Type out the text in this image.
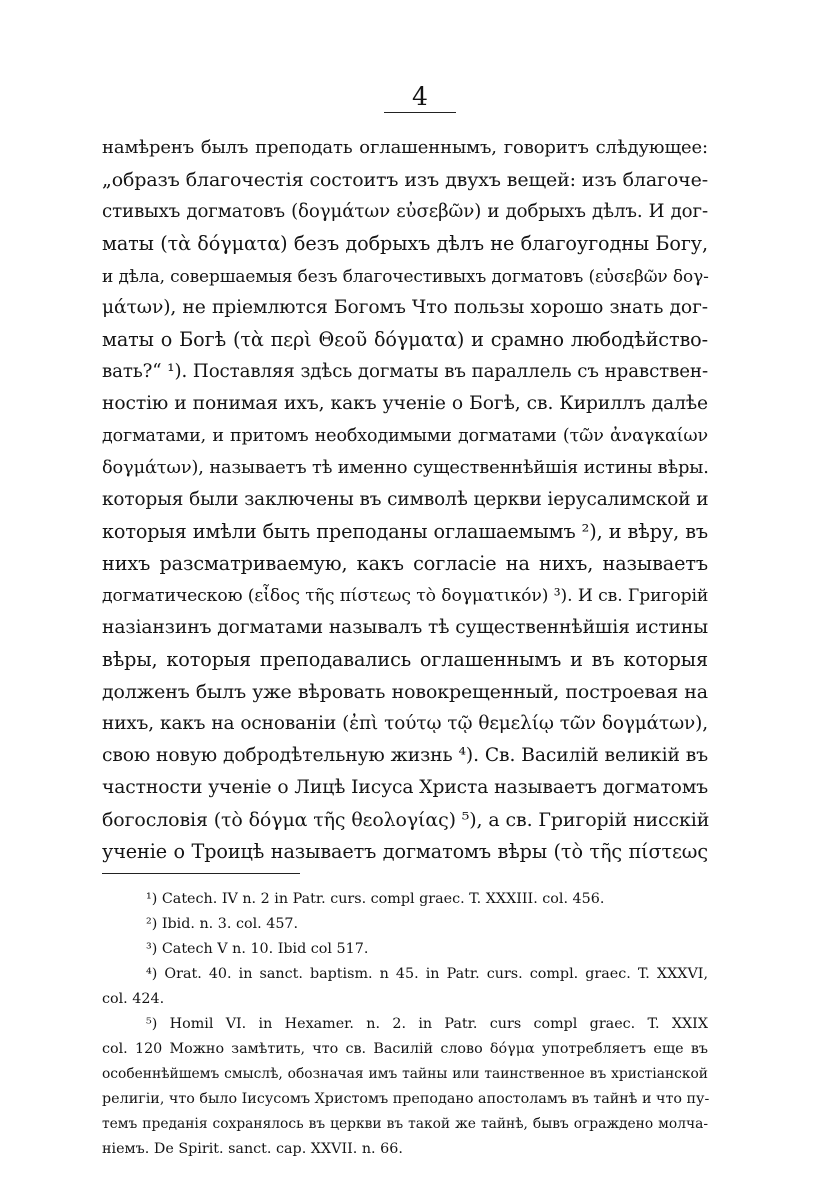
4
намѣренъ былъ преподать оглашеннымъ, говоритъ слѣдующее:
„образъ благочестія состоитъ изъ двухъ вещей: изъ благоче-
стивыхъ догматовъ (δογμάτων εὐσεβῶν) и добрыхъ дѣлъ. И дог-
маты (τὰ δόγματα) безъ добрыхъ дѣлъ не благоугодны Богу,
и дѣла, совершаемыя безъ благочестивыхъ догматовъ (εὐσεβῶν δογ-
μάτων), не пріемлются Богомъ Что пользы хорошо знать дог-
маты о Богѣ (τὰ περὶ Θεοῦ δόγματα) и срамно любодѣйство-
вать?“ ¹). Поставляя здѣсь догматы въ параллель съ нравствен-
ностію и понимая ихъ, какъ ученіе о Богѣ, св. Кириллъ далѣе
догматами, и притомъ необходимыми догматами (τῶν ἀναγκαίων
δογμάτων), называетъ тѣ именно существеннѣйшія истины вѣры.
которыя были заключены въ символѣ церкви іерусалимской и
которыя имѣли быть преподаны оглашаемымъ ²), и вѣру, въ
нихъ разсматриваемую, какъ согласіе на нихъ, называетъ
догматическою (εἶδος τῆς πίστεως τὸ δογματικόν) ³). И св. Григорій
назіанзинъ догматами называлъ тѣ существеннѣйшія истины
вѣры, которыя преподавались оглашеннымъ и въ которыя
долженъ былъ уже вѣровать новокрещенный, построевая на
нихъ, какъ на основаніи (ἐπὶ τούτῳ τῷ θεμελίῳ τῶν δογμάτων),
свою новую добродѣтельную жизнь ⁴). Св. Василій великій въ
частности ученіе о Лицѣ Іисуса Христа называетъ догматомъ
богословія (τὸ δόγμα τῆς θεολογίας) ⁵), а св. Григорій нисскій
ученіе о Троицѣ называетъ догматомъ вѣры (τὸ τῆς πίστεως
¹) Catech. IV n. 2 in Patr. curs. compl graec. T. XXXIII. col. 456.
²) Ibid. n. 3. col. 457.
³) Catech V n. 10. Ibid col 517.
⁴) Orat. 40. in sanct. baptism. n 45. in Patr. curs. compl. graec. T. XXXVI,
col. 424.
⁵) Homil VI. in Hexamer. n. 2. in Patr. curs compl graec. T. XXIX
col. 120 Можно замѣтить, что св. Василій слово δόγμα употребляетъ еще въ
особеннѣйшемъ смыслѣ, обозначая имъ тайны или таинственное въ христіанской
религіи, что было Іисусомъ Христомъ преподано апостоламъ въ тайнѣ и что пу-
темъ преданія сохранялось въ церкви въ такой же тайнѣ, бывъ ограждено молча-
ніемъ. De Spirit. sanct. cap. XXVII. n. 66.
